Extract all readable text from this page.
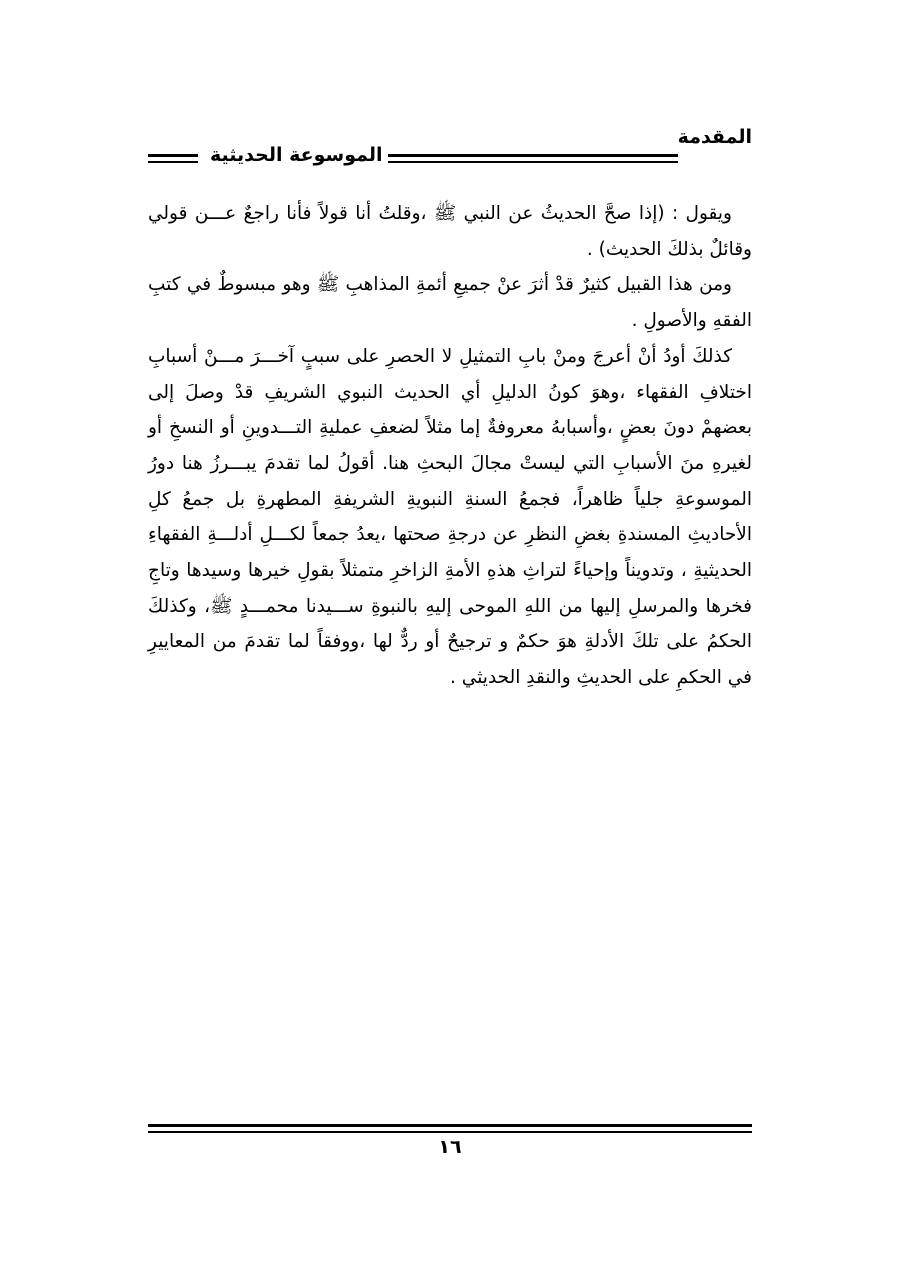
المقدمة
الموسوعة الحديثية

ويقول : (إذا صحَّ الحديثُ عن النبي ﷺ ،وقلتُ أنا قولاً فأنا راجعٌ عـــن قولي وقائلٌ بذلكَ الحديث) .

ومن هذا القبيل كثيرٌ قدْ أثرَ عنْ جميعِ أئمةِ المذاهبِ ﷺ وهو مبسوطٌ في كتبِ الفقهِ والأصولِ .

كذلكَ أودُ أنْ أعرجَ ومنْ بابِ التمثيلِ لا الحصرِ على سببٍ آخـــرَ مـــنْ أسبابِ اختلافِ الفقهاء ،وهوَ كونُ الدليلِ أي الحديث النبوي الشريفِ قدْ وصلَ إلى بعضهمْ دونَ بعضٍ ،وأسبابهُ معروفةٌ إما مثلاً لضعفِ عمليةِ التـــدوينِ أو النسخِ أو لغيرهِ منَ الأسبابِ التي ليستْ مجالَ البحثِ هنا. أقولُ لما تقدمَ يبـــرزُ هنا دورُ الموسوعةِ جلياً ظاهراً، فجمعُ السنةِ النبويةِ الشريفةِ المطهرةِ بل جمعُ كلِ الأحاديثِ المسندةِ بغضِ النظرِ عن درجةِ صحتها ،يعدُ جمعاً لكـــلِ أدلـــةِ الفقهاءِ الحديثيةِ ، وتدويناً وإحياءً لتراثِ هذهِ الأمةِ الزاخرِ متمثلاً بقولِ خيرها وسيدها وتاجِ فخرها والمرسلِ إليها من اللهِ الموحى إليهِ بالنبوةِ ســـيدنا محمـــدٍ ﷺ، وكذلكَ الحكمُ على تلكَ الأدلةِ هوَ حكمٌ و ترجيحٌ أو ردٌّ لها ،ووفقاً لما تقدمَ من المعاييرِ في الحكمِ على الحديثِ والنقدِ الحديثي .

١٦
